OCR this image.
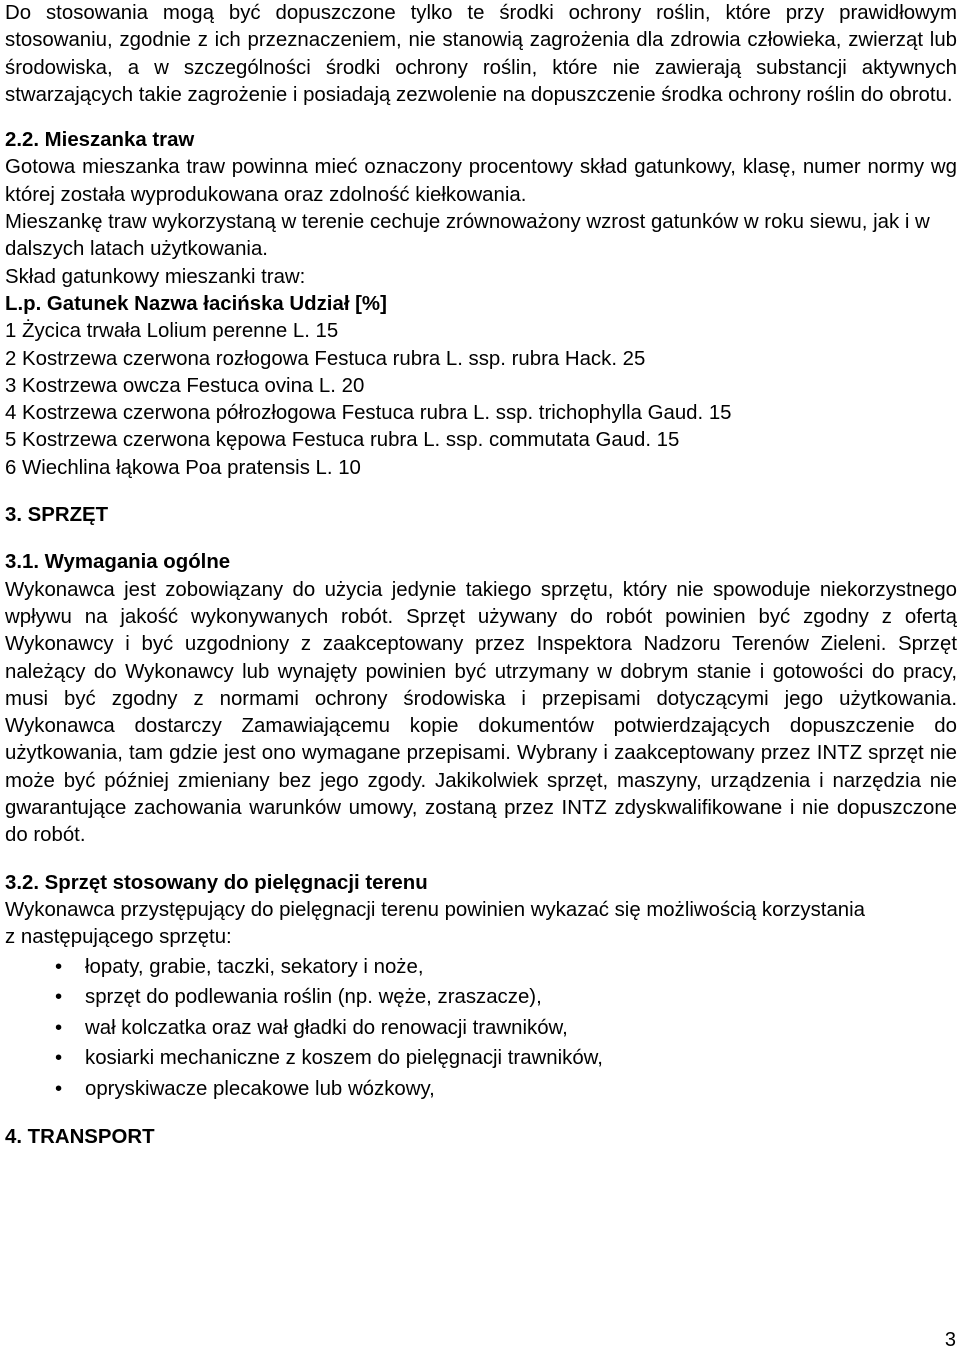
Do stosowania mogą być dopuszczone tylko te środki ochrony roślin, które przy prawidłowym stosowaniu, zgodnie z ich przeznaczeniem, nie stanowią zagrożenia dla zdrowia człowieka, zwierząt lub środowiska, a w szczególności środki ochrony roślin, które nie zawierają substancji aktywnych stwarzających takie zagrożenie i posiadają zezwolenie na dopuszczenie środka ochrony roślin do obrotu.

2.2. Mieszanka traw

Gotowa mieszanka traw powinna mieć oznaczony procentowy skład gatunkowy, klasę, numer normy wg której została wyprodukowana oraz zdolność kiełkowania.

Mieszankę traw wykorzystaną w terenie cechuje zrównoważony wzrost gatunków w roku siewu, jak i w dalszych latach użytkowania.

Skład gatunkowy mieszanki traw:

L.p. Gatunek Nazwa łacińska Udział [%]

1 Życica trwała Lolium perenne L. 15

2 Kostrzewa czerwona rozłogowa Festuca rubra L. ssp. rubra Hack. 25

3 Kostrzewa owcza Festuca ovina L. 20

4 Kostrzewa czerwona półrozłogowa Festuca rubra L. ssp. trichophylla Gaud. 15

5 Kostrzewa czerwona kępowa Festuca rubra L. ssp. commutata Gaud. 15

6 Wiechlina łąkowa Poa pratensis L. 10

3. SPRZĘT
3.1. Wymagania ogólne

Wykonawca jest zobowiązany do użycia jedynie takiego sprzętu, który nie spowoduje niekorzystnego wpływu na jakość wykonywanych robót. Sprzęt używany do robót powinien być zgodny z ofertą Wykonawcy i być uzgodniony z zaakceptowany przez Inspektora Nadzoru Terenów Zieleni. Sprzęt należący do Wykonawcy lub wynajęty powinien być utrzymany w dobrym stanie i gotowości do pracy, musi być zgodny z normami ochrony środowiska i przepisami dotyczącymi jego użytkowania. Wykonawca dostarczy Zamawiającemu kopie dokumentów potwierdzających dopuszczenie do użytkowania, tam gdzie jest ono wymagane przepisami. Wybrany i zaakceptowany przez INTZ sprzęt nie może być później zmieniany bez jego zgody. Jakikolwiek sprzęt, maszyny, urządzenia i narzędzia nie gwarantujące zachowania warunków umowy, zostaną przez INTZ zdyskwalifikowane i nie dopuszczone do robót.

3.2. Sprzęt stosowany do pielęgnacji terenu

Wykonawca przystępujący do pielęgnacji terenu powinien wykazać się możliwością korzystania

z następującego sprzętu:

• łopaty, grabie, taczki, sekatory i noże,
• sprzęt do podlewania roślin (np. węże, zraszacze),
• wał kolczatka oraz wał gładki do renowacji trawników,
• kosiarki mechaniczne z koszem do pielęgnacji trawników,
• opryskiwacze plecakowe lub wózkowy,
4. TRANSPORT
3
